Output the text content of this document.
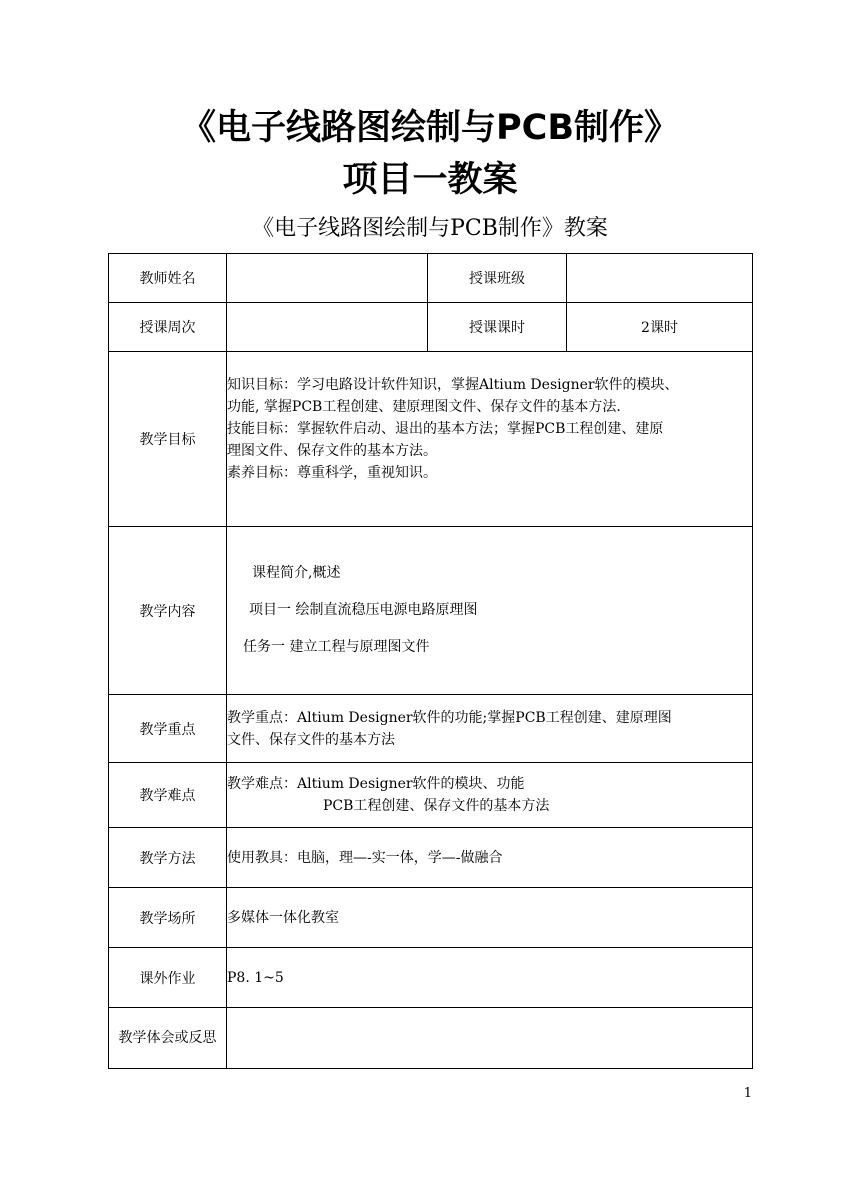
《电子线路图绘制与PCB制作》
项目一教案
《电子线路图绘制与PCB制作》教案
教师姓名		授课班级	
授课周次		授课课时	2课时
教学目标	知识目标：学习电路设计软件知识，掌握Altium Designer软件的模块、
功能, 掌握PCB工程创建、建原理图文件、保存文件的基本方法.
技能目标：掌握软件启动、退出的基本方法；掌握PCB工程创建、建原
理图文件、保存文件的基本方法。
素养目标：尊重科学，重视知识。		

教学内容	课程简介,概述
项目一 绘制直流稳压电源电路原理图
任务一 建立工程与原理图文件		

教学重点	教学重点：Altium Designer软件的功能;掌握PCB工程创建、建原理图
文件、保存文件的基本方法		

教学难点	教学难点：Altium Designer软件的模块、功能
PCB工程创建、保存文件的基本方法		

教学方法	使用教具：电脑，理—-实一体，学—-做融合		
教学场所	多媒体一体化教室		
课外作业	P8. 1~5		
教学体会或反思			
1
